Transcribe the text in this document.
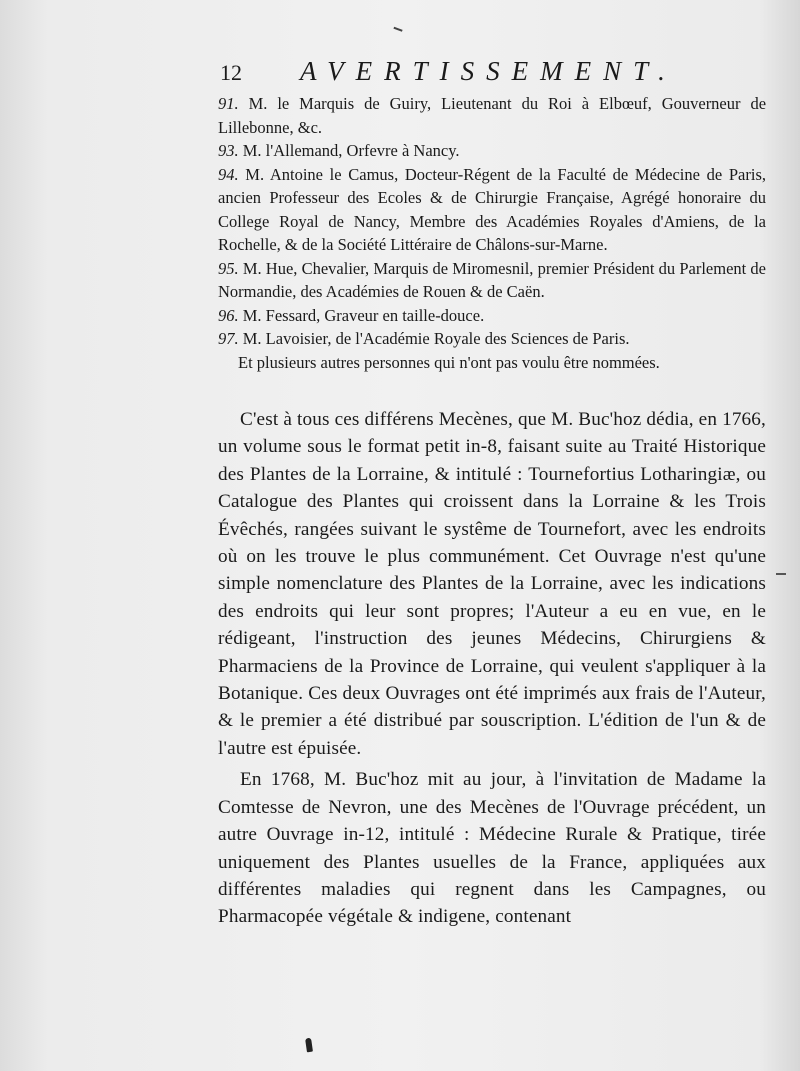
12 AVERTISSEMENT.

91. M. le Marquis de Guiry, Lieutenant du Roi à Elbœuf, Gouverneur de Lillebonne, &c.

93. M. l'Allemand, Orfevre à Nancy.

94. M. Antoine le Camus, Docteur-Régent de la Faculté de Médecine de Paris, ancien Professeur des Ecoles & de Chirurgie Française, Agrégé honoraire du College Royal de Nancy, Membre des Académies Royales d'Amiens, de la Rochelle, & de la Société Littéraire de Châlons-sur-Marne.

95. M. Hue, Chevalier, Marquis de Miromesnil, premier Président du Parlement de Normandie, des Académies de Rouen & de Caën.

96. M. Fessard, Graveur en taille-douce.

97. M. Lavoisier, de l'Académie Royale des Sciences de Paris.

Et plusieurs autres personnes qui n'ont pas voulu être nommées.

C'est à tous ces différens Mecènes, que M. Buc'hoz dédia, en 1766, un volume sous le format petit in-8, faisant suite au Traité Historique des Plantes de la Lorraine, & intitulé : Tournefortius Lotharingiæ, ou Catalogue des Plantes qui croissent dans la Lorraine & les Trois Évêchés, rangées suivant le systême de Tournefort, avec les endroits où on les trouve le plus communément. Cet Ouvrage n'est qu'une simple nomenclature des Plantes de la Lorraine, avec les indications des endroits qui leur sont propres; l'Auteur a eu en vue, en le rédigeant, l'instruction des jeunes Médecins, Chirurgiens & Pharmaciens de la Province de Lorraine, qui veulent s'appliquer à la Botanique. Ces deux Ouvrages ont été imprimés aux frais de l'Auteur, & le premier a été distribué par souscription. L'édition de l'un & de l'autre est épuisée.

En 1768, M. Buc'hoz mit au jour, à l'invitation de Madame la Comtesse de Nevron, une des Mecènes de l'Ouvrage précédent, un autre Ouvrage in-12, intitulé : Médecine Rurale & Pratique, tirée uniquement des Plantes usuelles de la France, appliquées aux différentes maladies qui regnent dans les Campagnes, ou Pharmacopée végétale & indigene, contenant
